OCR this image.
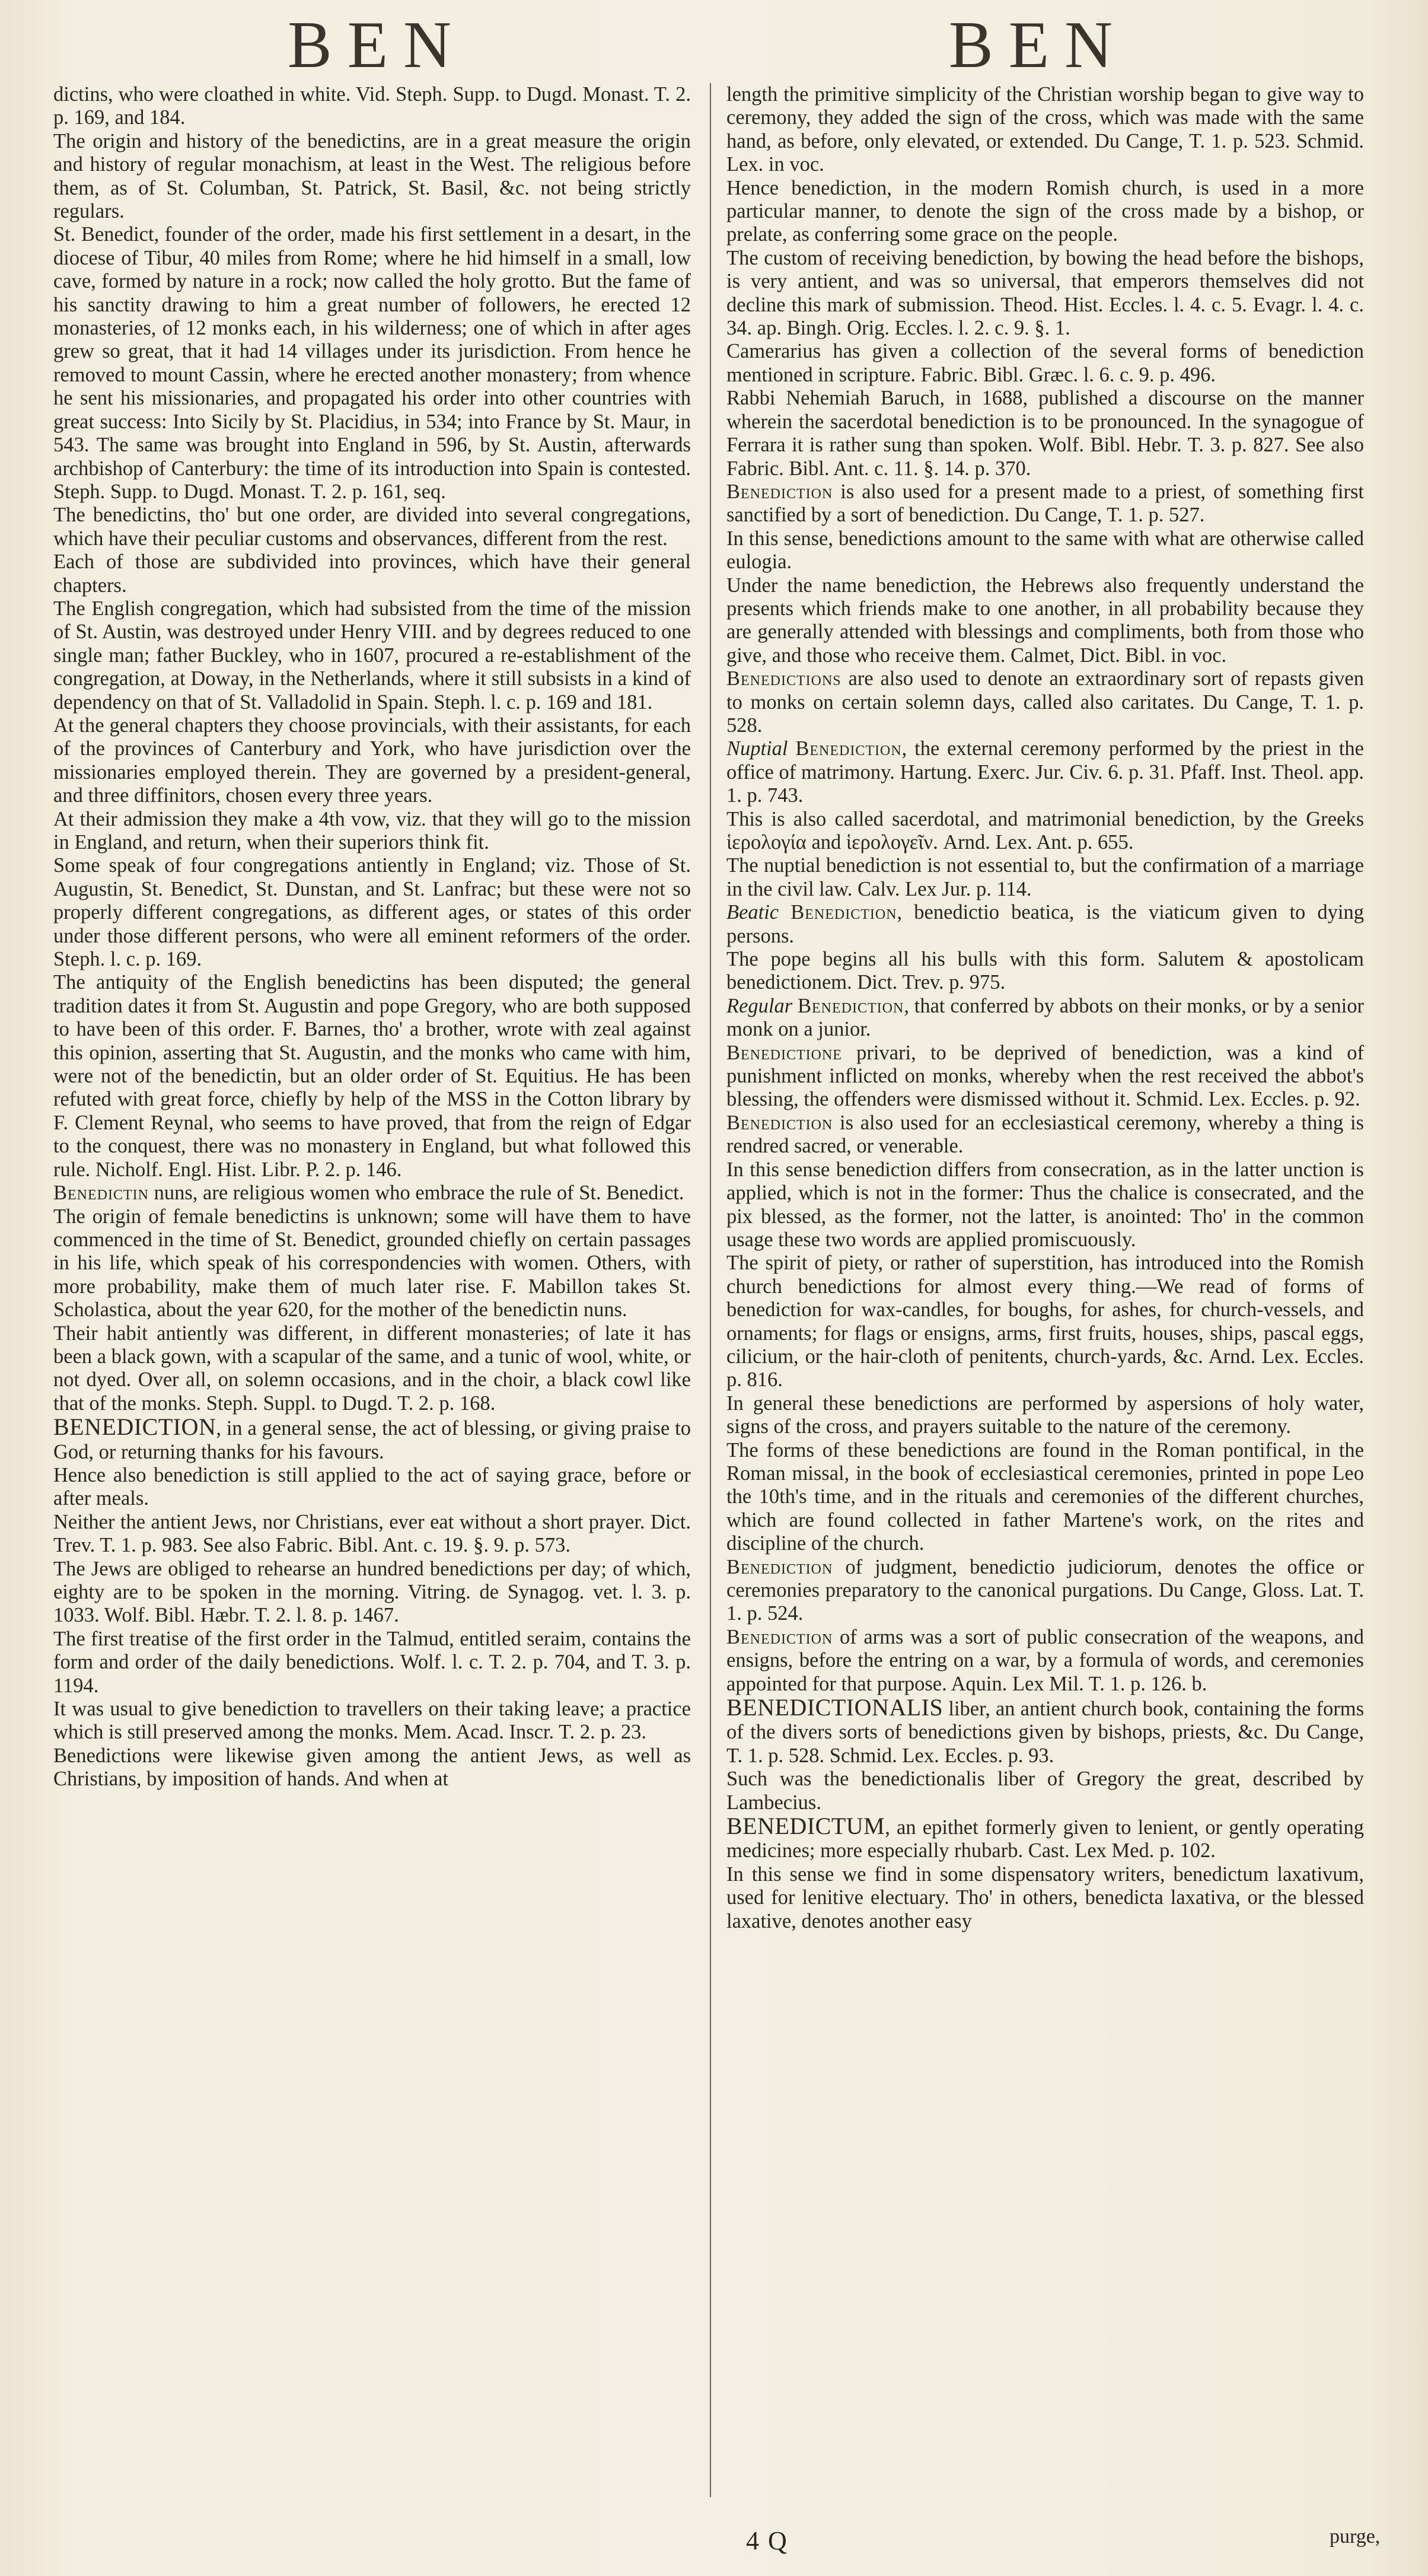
BEN	BEN

dictins, who were cloathed in white. Vid. Steph. Supp. to Dugd. Monast. T. 2. p. 169, and 184.

The origin and history of the benedictins, are in a great measure the origin and history of regular monachism, at least in the West. The religious before them, as of St. Columban, St. Patrick, St. Basil, &c. not being strictly regulars.

St. Benedict, founder of the order, made his first settlement in a desart, in the diocese of Tibur, 40 miles from Rome; where he hid himself in a small, low cave, formed by nature in a rock; now called the holy grotto. But the fame of his sanctity drawing to him a great number of followers, he erected 12 monasteries, of 12 monks each, in his wilderness; one of which in after ages grew so great, that it had 14 villages under its jurisdiction. From hence he removed to mount Cassin, where he erected another monastery; from whence he sent his missionaries, and propagated his order into other countries with great success: Into Sicily by St. Placidius, in 534; into France by St. Maur, in 543. The same was brought into England in 596, by St. Austin, afterwards archbishop of Canterbury: the time of its introduction into Spain is contested. Steph. Supp. to Dugd. Monast. T. 2. p. 161, seq.

The benedictins, tho' but one order, are divided into several congregations, which have their peculiar customs and observances, different from the rest.

Each of those are subdivided into provinces, which have their general chapters.

The English congregation, which had subsisted from the time of the mission of St. Austin, was destroyed under Henry VIII. and by degrees reduced to one single man; father Buckley, who in 1607, procured a re-establishment of the congregation, at Doway, in the Netherlands, where it still subsists in a kind of dependency on that of St. Valladolid in Spain. Steph. l. c. p. 169 and 181.

At the general chapters they choose provincials, with their assistants, for each of the provinces of Canterbury and York, who have jurisdiction over the missionaries employed therein. They are governed by a president-general, and three diffinitors, chosen every three years.

At their admission they make a 4th vow, viz. that they will go to the mission in England, and return, when their superiors think fit.

Some speak of four congregations antiently in England; viz. Those of St. Augustin, St. Benedict, St. Dunstan, and St. Lanfrac; but these were not so properly different congregations, as different ages, or states of this order under those different persons, who were all eminent reformers of the order. Steph. l. c. p. 169.

The antiquity of the English benedictins has been disputed; the general tradition dates it from St. Augustin and pope Gregory, who are both supposed to have been of this order. F. Barnes, tho' a brother, wrote with zeal against this opinion, asserting that St. Augustin, and the monks who came with him, were not of the benedictin, but an older order of St. Equitius. He has been refuted with great force, chiefly by help of the MSS in the Cotton library by F. Clement Reynal, who seems to have proved, that from the reign of Edgar to the conquest, there was no monastery in England, but what followed this rule. Nicholf. Engl. Hist. Libr. P. 2. p. 146.

Benedictin nuns, are religious women who embrace the rule of St. Benedict.

The origin of female benedictins is unknown; some will have them to have commenced in the time of St. Benedict, grounded chiefly on certain passages in his life, which speak of his correspondencies with women. Others, with more probability, make them of much later rise. F. Mabillon takes St. Scholastica, about the year 620, for the mother of the benedictin nuns.

Their habit antiently was different, in different monasteries; of late it has been a black gown, with a scapular of the same, and a tunic of wool, white, or not dyed. Over all, on solemn occasions, and in the choir, a black cowl like that of the monks. Steph. Suppl. to Dugd. T. 2. p. 168.

BENEDICTION, in a general sense, the act of blessing, or giving praise to God, or returning thanks for his favours.

Hence also benediction is still applied to the act of saying grace, before or after meals.

Neither the antient Jews, nor Christians, ever eat without a short prayer. Dict. Trev. T. 1. p. 983. See also Fabric. Bibl. Ant. c. 19. §. 9. p. 573.

The Jews are obliged to rehearse an hundred benedictions per day; of which, eighty are to be spoken in the morning. Vitring. de Synagog. vet. l. 3. p. 1033. Wolf. Bibl. Hæbr. T. 2. l. 8. p. 1467.

The first treatise of the first order in the Talmud, entitled seraim, contains the form and order of the daily benedictions. Wolf. l. c. T. 2. p. 704, and T. 3. p. 1194.

It was usual to give benediction to travellers on their taking leave; a practice which is still preserved among the monks. Mem. Acad. Inscr. T. 2. p. 23.

Benedictions were likewise given among the antient Jews, as well as Christians, by imposition of hands. And when at

length the primitive simplicity of the Christian worship began to give way to ceremony, they added the sign of the cross, which was made with the same hand, as before, only elevated, or extended. Du Cange, T. 1. p. 523. Schmid. Lex. in voc.

Hence benediction, in the modern Romish church, is used in a more particular manner, to denote the sign of the cross made by a bishop, or prelate, as conferring some grace on the people.

The custom of receiving benediction, by bowing the head before the bishops, is very antient, and was so universal, that emperors themselves did not decline this mark of submission. Theod. Hist. Eccles. l. 4. c. 5. Evagr. l. 4. c. 34. ap. Bingh. Orig. Eccles. l. 2. c. 9. §. 1.

Camerarius has given a collection of the several forms of benediction mentioned in scripture. Fabric. Bibl. Græc. l. 6. c. 9. p. 496.

Rabbi Nehemiah Baruch, in 1688, published a discourse on the manner wherein the sacerdotal benediction is to be pronounced. In the synagogue of Ferrara it is rather sung than spoken. Wolf. Bibl. Hebr. T. 3. p. 827. See also Fabric. Bibl. Ant. c. 11. §. 14. p. 370.

Benediction is also used for a present made to a priest, of something first sanctified by a sort of benediction. Du Cange, T. 1. p. 527.

In this sense, benedictions amount to the same with what are otherwise called eulogia.

Under the name benediction, the Hebrews also frequently understand the presents which friends make to one another, in all probability because they are generally attended with blessings and compliments, both from those who give, and those who receive them. Calmet, Dict. Bibl. in voc.

Benedictions are also used to denote an extraordinary sort of repasts given to monks on certain solemn days, called also caritates. Du Cange, T. 1. p. 528.

Nuptial Benediction, the external ceremony performed by the priest in the office of matrimony. Hartung. Exerc. Jur. Civ. 6. p. 31. Pfaff. Inst. Theol. app. 1. p. 743.

This is also called sacerdotal, and matrimonial benediction, by the Greeks ἱερολογία and ἱερολογεῖν. Arnd. Lex. Ant. p. 655.

The nuptial benediction is not essential to, but the confirmation of a marriage in the civil law. Calv. Lex Jur. p. 114.

Beatic Benediction, benedictio beatica, is the viaticum given to dying persons.

The pope begins all his bulls with this form. Salutem & apostolicam benedictionem. Dict. Trev. p. 975.

Regular Benediction, that conferred by abbots on their monks, or by a senior monk on a junior.

Benedictione privari, to be deprived of benediction, was a kind of punishment inflicted on monks, whereby when the rest received the abbot's blessing, the offenders were dismissed without it. Schmid. Lex. Eccles. p. 92.

Benediction is also used for an ecclesiastical ceremony, whereby a thing is rendred sacred, or venerable.

In this sense benediction differs from consecration, as in the latter unction is applied, which is not in the former: Thus the chalice is consecrated, and the pix blessed, as the former, not the latter, is anointed: Tho' in the common usage these two words are applied promiscuously.

The spirit of piety, or rather of superstition, has introduced into the Romish church benedictions for almost every thing.—We read of forms of benediction for wax-candles, for boughs, for ashes, for church-vessels, and ornaments; for flags or ensigns, arms, first fruits, houses, ships, pascal eggs, cilicium, or the hair-cloth of penitents, church-yards, &c. Arnd. Lex. Eccles. p. 816.

In general these benedictions are performed by aspersions of holy water, signs of the cross, and prayers suitable to the nature of the ceremony.

The forms of these benedictions are found in the Roman pontifical, in the Roman missal, in the book of ecclesiastical ceremonies, printed in pope Leo the 10th's time, and in the rituals and ceremonies of the different churches, which are found collected in father Martene's work, on the rites and discipline of the church.

Benediction of judgment, benedictio judiciorum, denotes the office or ceremonies preparatory to the canonical purgations. Du Cange, Gloss. Lat. T. 1. p. 524.

Benediction of arms was a sort of public consecration of the weapons, and ensigns, before the entring on a war, by a formula of words, and ceremonies appointed for that purpose. Aquin. Lex Mil. T. 1. p. 126. b.

BENEDICTIONALIS liber, an antient church book, containing the forms of the divers sorts of benedictions given by bishops, priests, &c. Du Cange, T. 1. p. 528. Schmid. Lex. Eccles. p. 93.

Such was the benedictionalis liber of Gregory the great, described by Lambecius.

BENEDICTUM, an epithet formerly given to lenient, or gently operating medicines; more especially rhubarb. Cast. Lex Med. p. 102.

In this sense we find in some dispensatory writers, benedictum laxativum, used for lenitive electuary. Tho' in others, benedicta laxativa, or the blessed laxative, denotes another easy

4 Q	purge,
